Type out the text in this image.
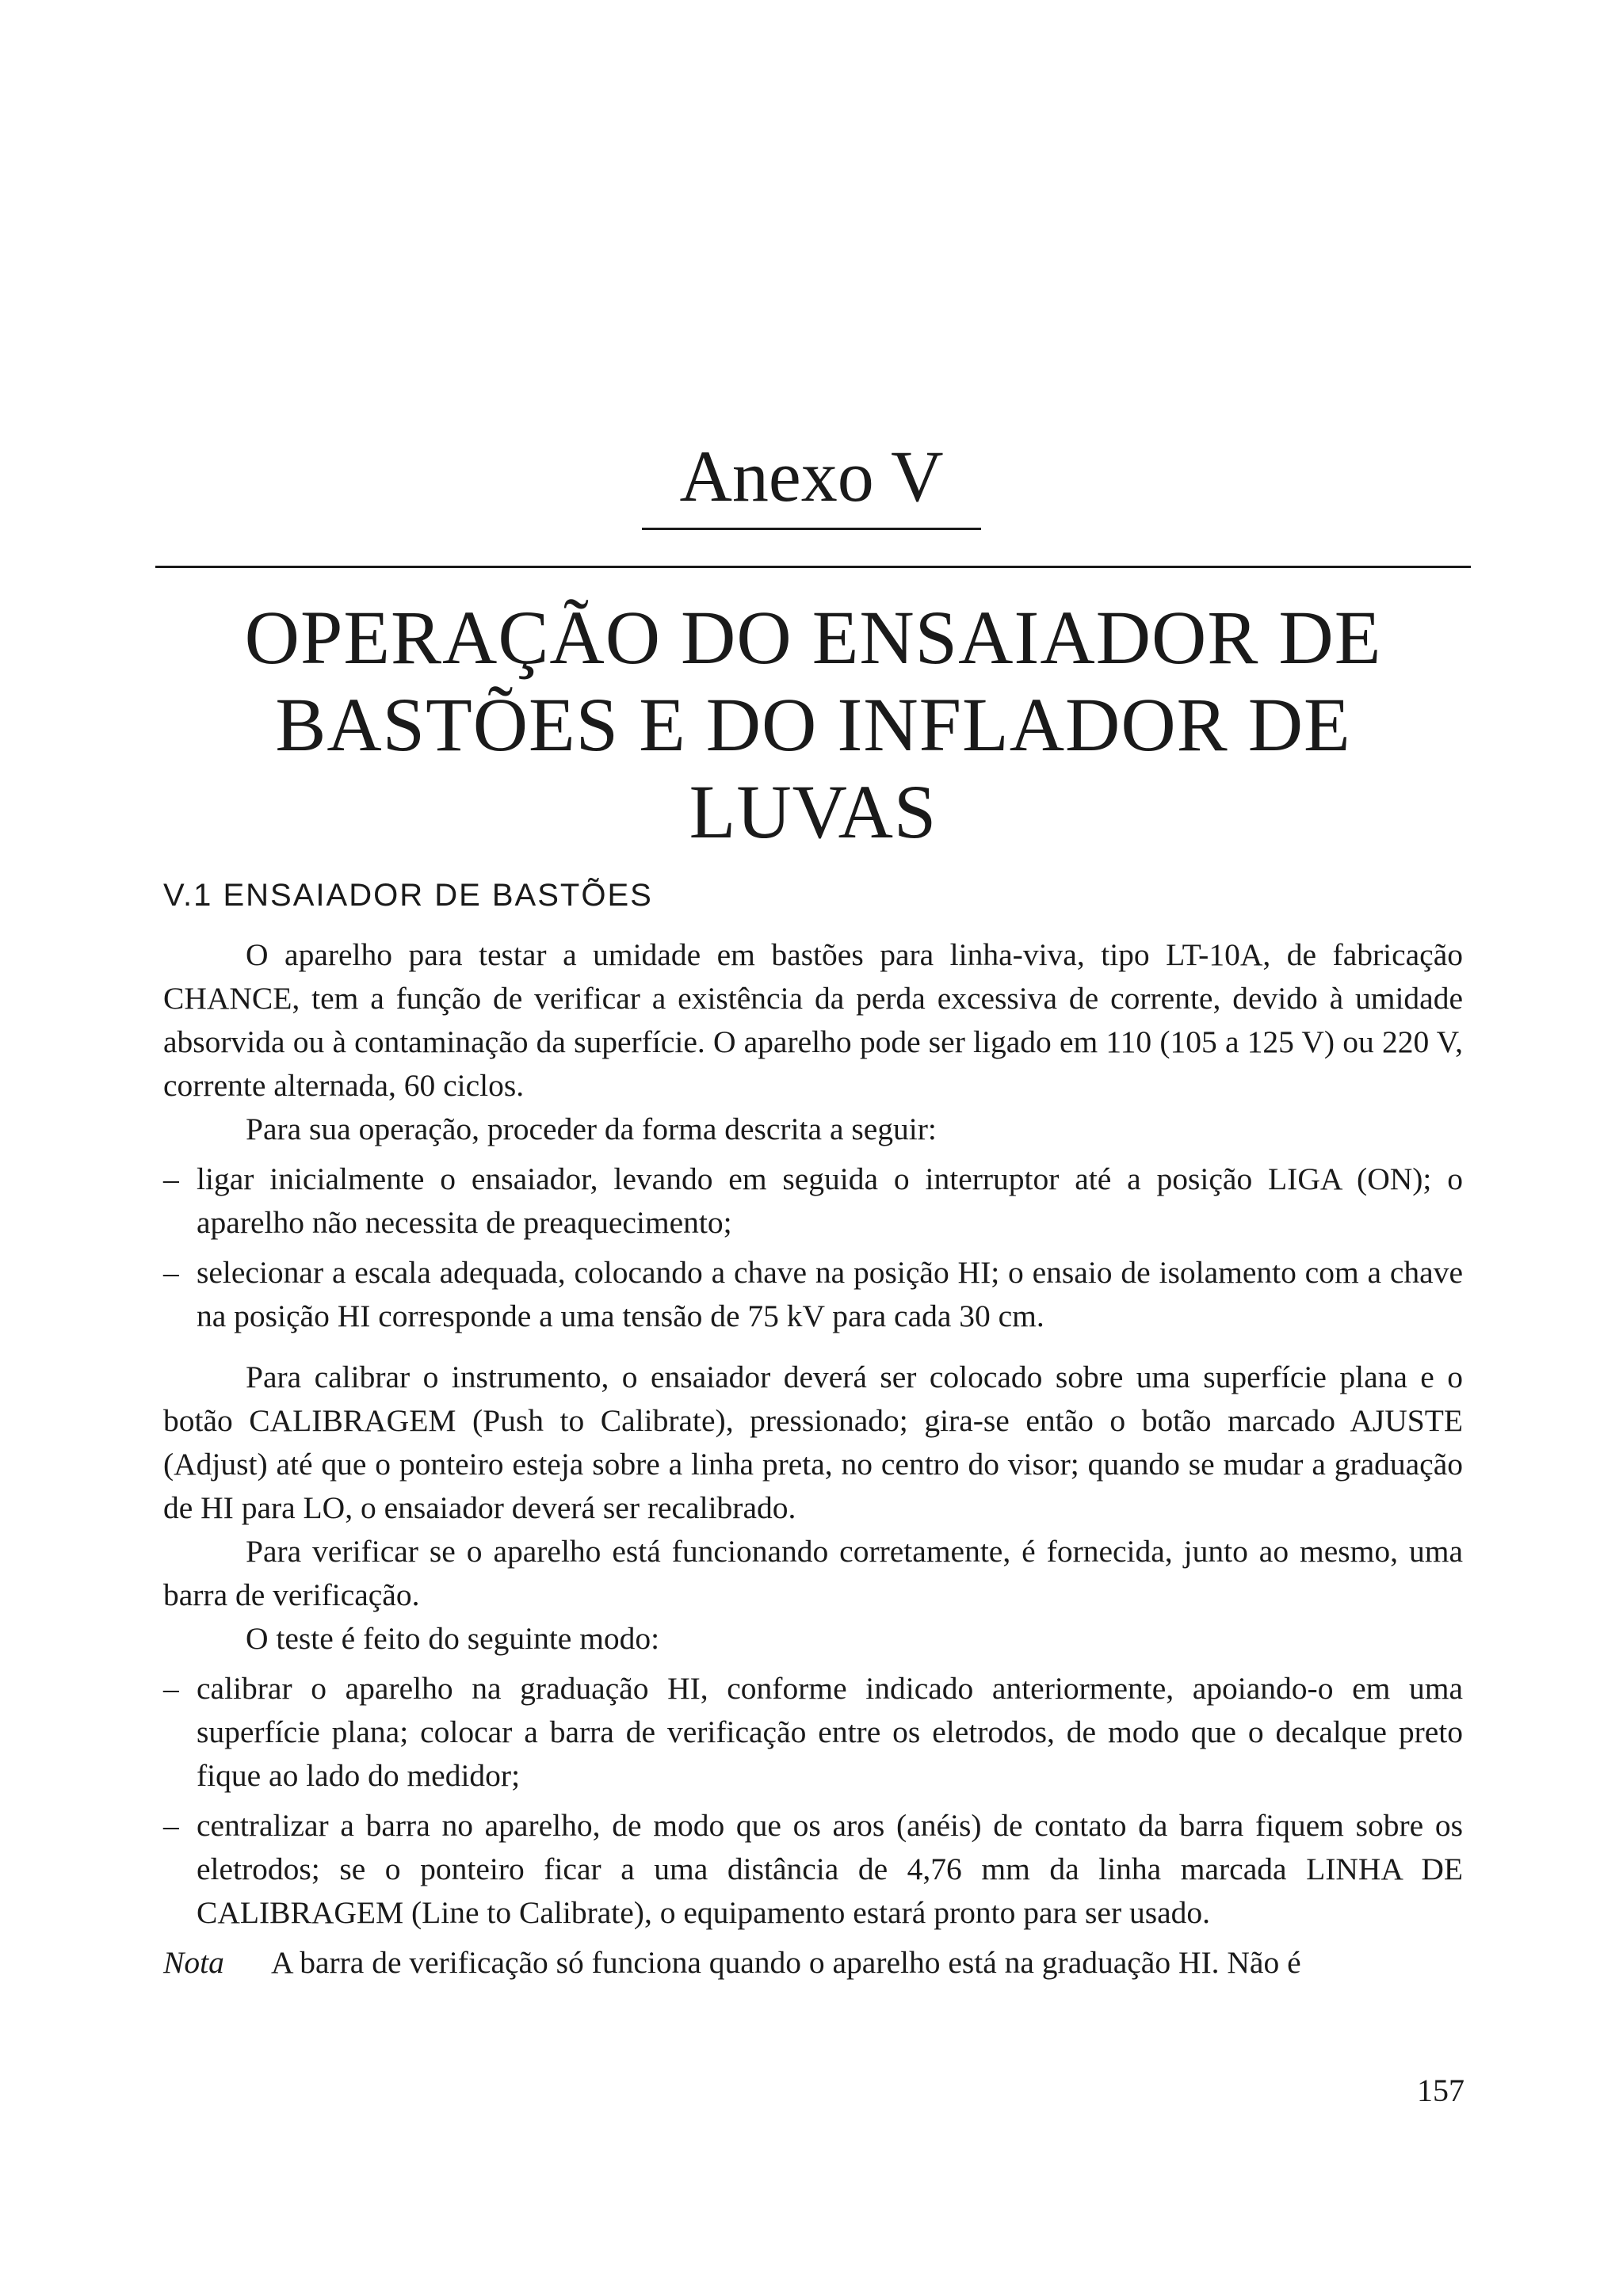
Anexo V
OPERAÇÃO DO ENSAIADOR DE BASTÕES E DO INFLADOR DE LUVAS
V.1 ENSAIADOR DE BASTÕES

O aparelho para testar a umidade em bastões para linha-viva, tipo LT-10A, de fabricação CHANCE, tem a função de verificar a existência da perda excessiva de corrente, devido à umidade absorvida ou à contaminação da superfície. O aparelho pode ser ligado em 110 (105 a 125 V) ou 220 V, corrente alternada, 60 ciclos.

Para sua operação, proceder da forma descrita a seguir:

– ligar inicialmente o ensaiador, levando em seguida o interruptor até a posição LIGA (ON); o aparelho não necessita de preaquecimento;
– selecionar a escala adequada, colocando a chave na posição HI; o ensaio de isolamento com a chave na posição HI corresponde a uma tensão de 75 kV para cada 30 cm.

Para calibrar o instrumento, o ensaiador deverá ser colocado sobre uma superfície plana e o botão CALIBRAGEM (Push to Calibrate), pressionado; gira-se então o botão marcado AJUSTE (Adjust) até que o ponteiro esteja sobre a linha preta, no centro do visor; quando se mudar a graduação de HI para LO, o ensaiador deverá ser recalibrado.

Para verificar se o aparelho está funcionando corretamente, é fornecida, junto ao mesmo, uma barra de verificação.

O teste é feito do seguinte modo:

– calibrar o aparelho na graduação HI, conforme indicado anteriormente, apoiando-o em uma superfície plana; colocar a barra de verificação entre os eletrodos, de modo que o decalque preto fique ao lado do medidor;
– centralizar a barra no aparelho, de modo que os aros (anéis) de contato da barra fiquem sobre os eletrodos; se o ponteiro ficar a uma distância de 4,76 mm da linha marcada LINHA DE CALIBRAGEM (Line to Calibrate), o equipamento estará pronto para ser usado.
Nota	A barra de verificação só funciona quando o aparelho está na graduação HI. Não é

157
